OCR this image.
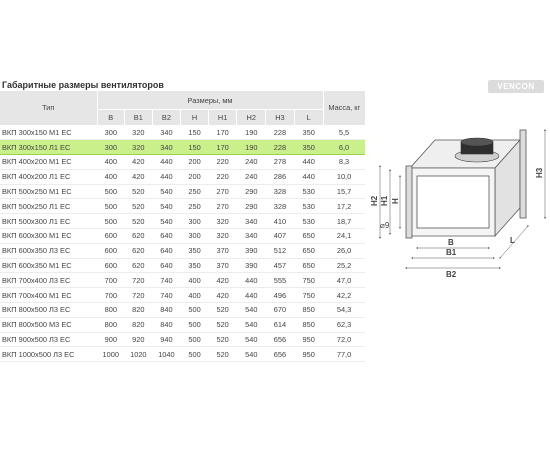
Габаритные размеры вентиляторов	VENCON
Тип	Размеры, мм								Масса, кг
	B	B1	B2	H	H1	H2	H3	L	
ВКП 300х150 М1 ЕС	300	320	340	150	170	190	228	350	5,5
ВКП 300х150 Л1 ЕС	300	320	340	150	170	190	228	350	6,0
ВКП 400х200 М1 ЕС	400	420	440	200	220	240	278	440	8,3
ВКП 400х200 Л1 ЕС	400	420	440	200	220	240	286	440	10,0
ВКП 500х250 М1 ЕС	500	520	540	250	270	290	328	530	15,7
ВКП 500х250 Л1 ЕС	500	520	540	250	270	290	328	530	17,2
ВКП 500х300 Л1 ЕС	500	520	540	300	320	340	410	530	18,7
ВКП 600х300 М1 ЕС	600	620	640	300	320	340	407	650	24,1
ВКП 600х350 Л3 ЕС	600	620	640	350	370	390	512	650	26,0
ВКП 600х350 М1 ЕС	600	620	640	350	370	390	457	650	25,2
ВКП 700х400 Л3 ЕС	700	720	740	400	420	440	555	750	47,0
ВКП 700х400 М1 ЕС	700	720	740	400	420	440	496	750	42,2
ВКП 800х500 Л3 ЕС	800	820	840	500	520	540	670	850	54,3
ВКП 800х500 М3 ЕС	800	820	840	500	520	540	614	850	62,3
ВКП 900х500 Л3 ЕС	900	920	940	500	520	540	656	950	72,0
ВКП 1000х500 Л3 ЕС	1000	1020	1040	500	520	540	656	950	77,0
H3
H2 H1 H
⌀9
B
B1
B2
L
